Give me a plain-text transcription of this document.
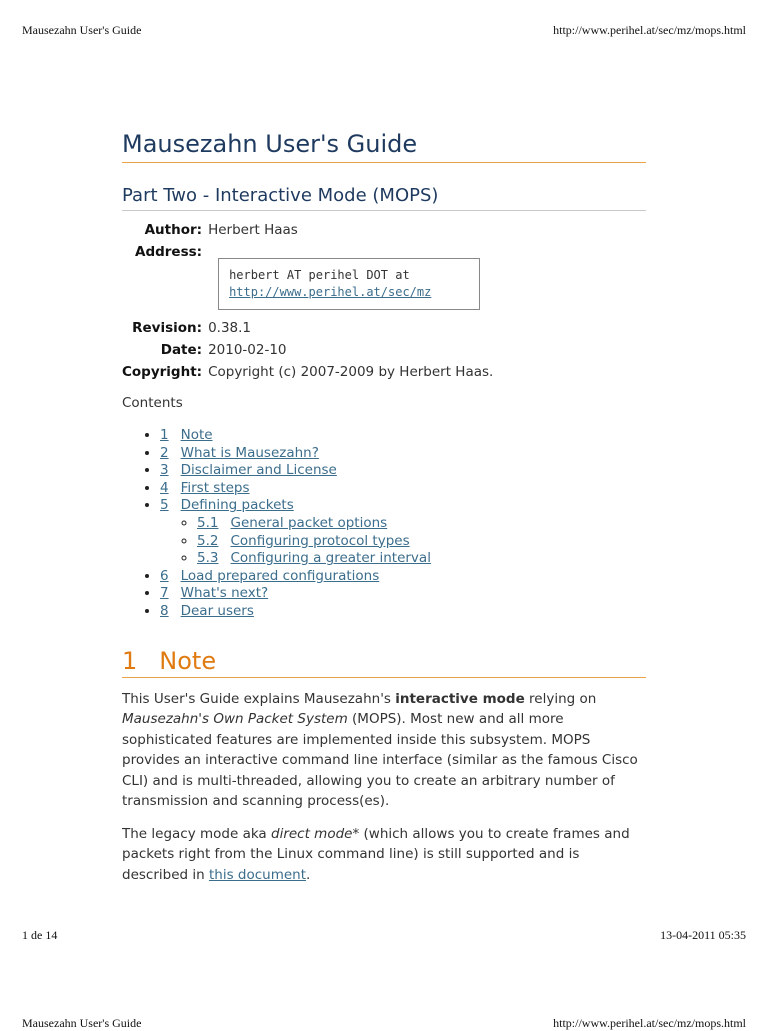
Mausezahn User's Guide	http://www.perihel.at/sec/mz/mops.html
Mausezahn User's Guide
Part Two - Interactive Mode (MOPS)
Author:	Herbert Haas
Address:	herbert AT perihel DOT at
http://www.perihel.at/sec/mz

Revision:	0.38.1
Date:	2010-02-10
Copyright:	Copyright (c) 2007-2009 by Herbert Haas.

Contents

• 1 Note
• 2 What is Mausezahn?
• 3 Disclaimer and License
• 4 First steps
• 5 Defining packets
◦ 5.1 General packet options
◦ 5.2 Configuring protocol types
◦ 5.3 Configuring a greater interval
• 6 Load prepared configurations
• 7 What's next?
• 8 Dear users
1 Note

This User's Guide explains Mausezahn's interactive mode relying on Mausezahn's Own Packet System (MOPS). Most new and all more sophisticated features are implemented inside this subsystem. MOPS provides an interactive command line interface (similar as the famous Cisco CLI) and is multi-threaded, allowing you to create an arbitrary number of transmission and scanning process(es).

The legacy mode aka direct mode* (which allows you to create frames and packets right from the Linux command line) is still supported and is described in this document.

1 de 14	13-04-2011 05:35
Mausezahn User's Guide	http://www.perihel.at/sec/mz/mops.html
